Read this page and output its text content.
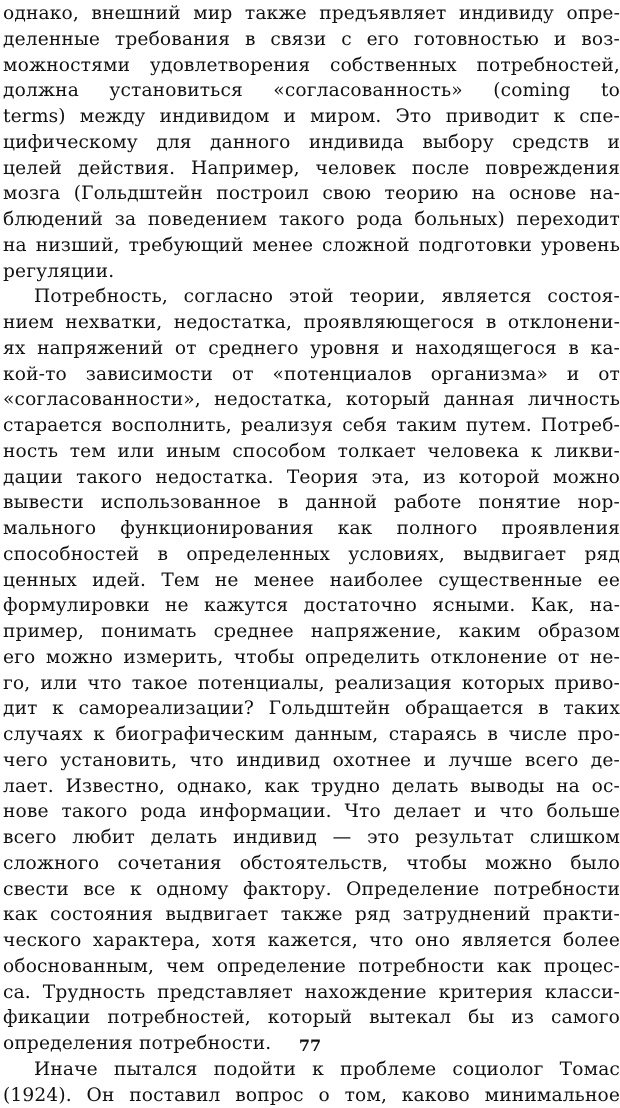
однако, внешний мир также предъявляет индивиду опре-
деленные требования в связи с его готовностью и воз-
можностями удовлетворения собственных потребностей,
должна установиться «согласованность» (coming to
terms) между индивидом и миром. Это приводит к спе-
цифическому для данного индивида выбору средств и
целей действия. Например, человек после повреждения
мозга (Гольдштейн построил свою теорию на основе на-
блюдений за поведением такого рода больных) переходит
на низший, требующий менее сложной подготовки уровень
регуляции.
Потребность, согласно этой теории, является состоя-
нием нехватки, недостатка, проявляющегося в отклонени-
ях напряжений от среднего уровня и находящегося в ка-
кой-то зависимости от «потенциалов организма» и от
«согласованности», недостатка, который данная личность
старается восполнить, реализуя себя таким путем. Потреб-
ность тем или иным способом толкает человека к ликви-
дации такого недостатка. Теория эта, из которой можно
вывести использованное в данной работе понятие нор-
мального функционирования как полного проявления
способностей в определенных условиях, выдвигает ряд
ценных идей. Тем не менее наиболее существенные ее
формулировки не кажутся достаточно ясными. Как, на-
пример, понимать среднее напряжение, каким образом
его можно измерить, чтобы определить отклонение от не-
го, или что такое потенциалы, реализация которых приво-
дит к самореализации? Гольдштейн обращается в таких
случаях к биографическим данным, стараясь в числе про-
чего установить, что индивид охотнее и лучше всего де-
лает. Известно, однако, как трудно делать выводы на ос-
нове такого рода информации. Что делает и что больше
всего любит делать индивид — это результат слишком
сложного сочетания обстоятельств, чтобы можно было
свести все к одному фактору. Определение потребности
как состояния выдвигает также ряд затруднений практи-
ческого характера, хотя кажется, что оно является более
обоснованным, чем определение потребности как процес-
са. Трудность представляет нахождение критерия класси-
фикации потребностей, который вытекал бы из самого
определения потребности.
Иначе пытался подойти к проблеме социолог Томас
(1924). Он поставил вопрос о том, каково минимальное
77
